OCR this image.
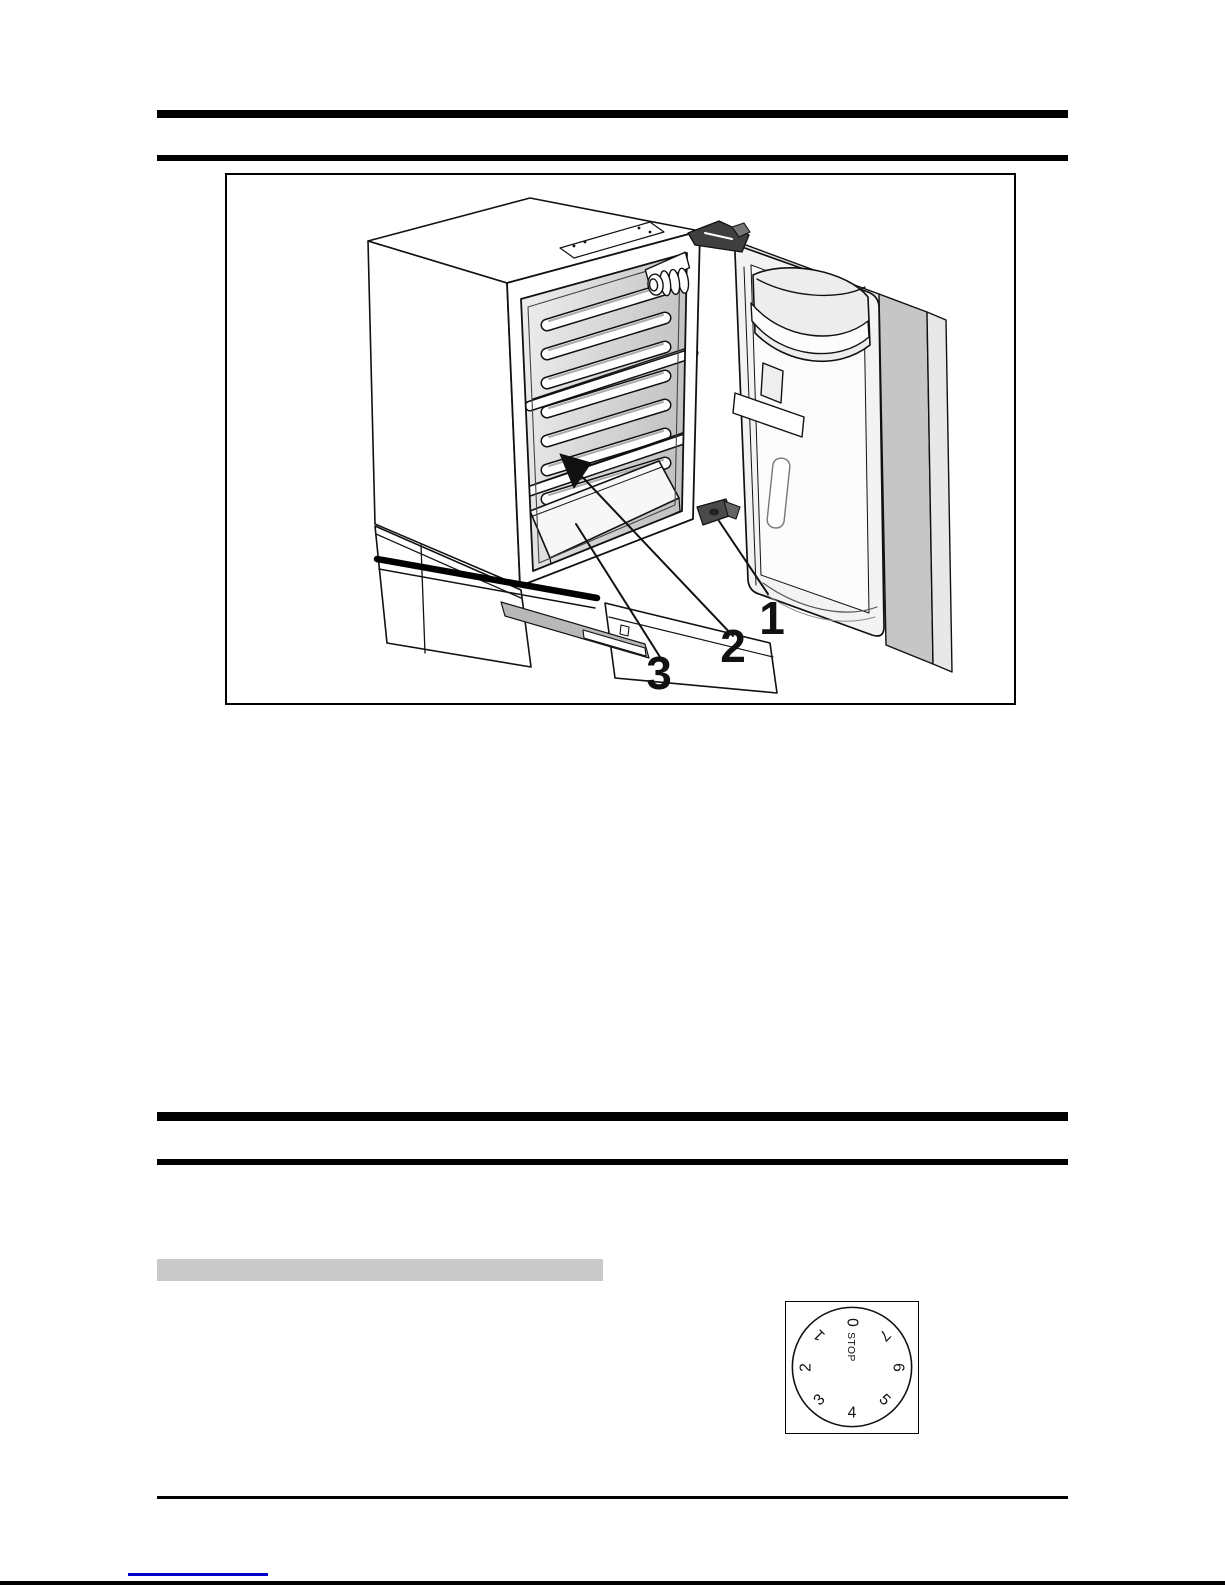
1
2
3
0
STOP
1
2
3
4
5
6
7
